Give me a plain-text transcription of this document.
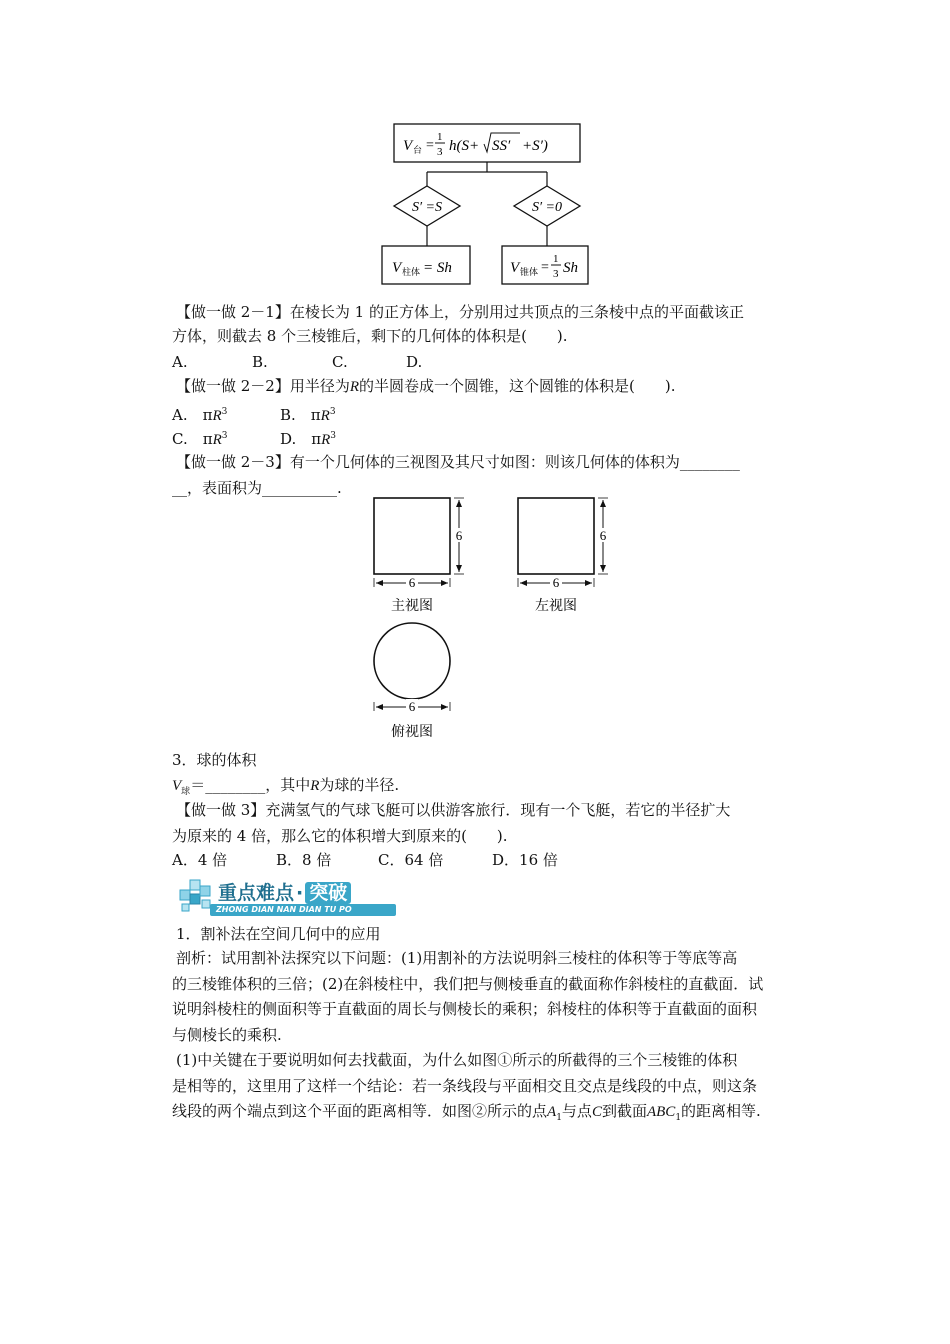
V 台 =
1
3 h(S+ SS′ +S′)
S′ =S	S′ =0
V 柱体 = Sh	V 锥体 =
1
3 Sh
【做一做 2－1】在棱长为 1 的正方体上，分别用过共顶点的三条棱中点的平面截该正
方体，则截去 8 个三棱锥后，剩下的几何体的体积是(　　).
A.	B.	C.	D.
【做一做 2－2】用半径为R的半圆卷成一个圆锥，这个圆锥的体积是(　　).
A.　$\pi R^3$	B.　$\pi R^3$
C.　$\pi R^3$	D.　$\pi R^3$
【做一做 2－3】有一个几何体的三视图及其尺寸如图：则该几何体的体积为________
__，表面积为__________.
6
6
主视图
6
6
左视图
6
俯视图
3．球的体积
$V_球=\_\_\_\_\_\_\_\_$，其中R为球的半径.
【做一做 3】充满氢气的气球飞艇可以供游客旅行．现有一个飞艇，若它的半径扩大
为原来的 4 倍，那么它的体积增大到原来的(　　).
A．4 倍	B．8 倍	C．64 倍	D．16 倍
重点难点 · 突破
ZHONG DIAN NAN DIAN TU PO
1．割补法在空间几何中的应用
剖析：试用割补法探究以下问题：(1)用割补的方法说明斜三棱柱的体积等于等底等高
的三棱锥体积的三倍；(2)在斜棱柱中，我们把与侧棱垂直的截面称作斜棱柱的直截面．试
说明斜棱柱的侧面积等于直截面的周长与侧棱长的乘积；斜棱柱的体积等于直截面的面积
与侧棱长的乘积.
(1)中关键在于要说明如何去找截面，为什么如图①所示的所截得的三个三棱锥的体积
是相等的，这里用了这样一个结论：若一条线段与平面相交且交点是线段的中点，则这条
线段的两个端点到这个平面的距离相等．如图②所示的点$A_1$与点C到截面$ABC_1$的距离相等.
